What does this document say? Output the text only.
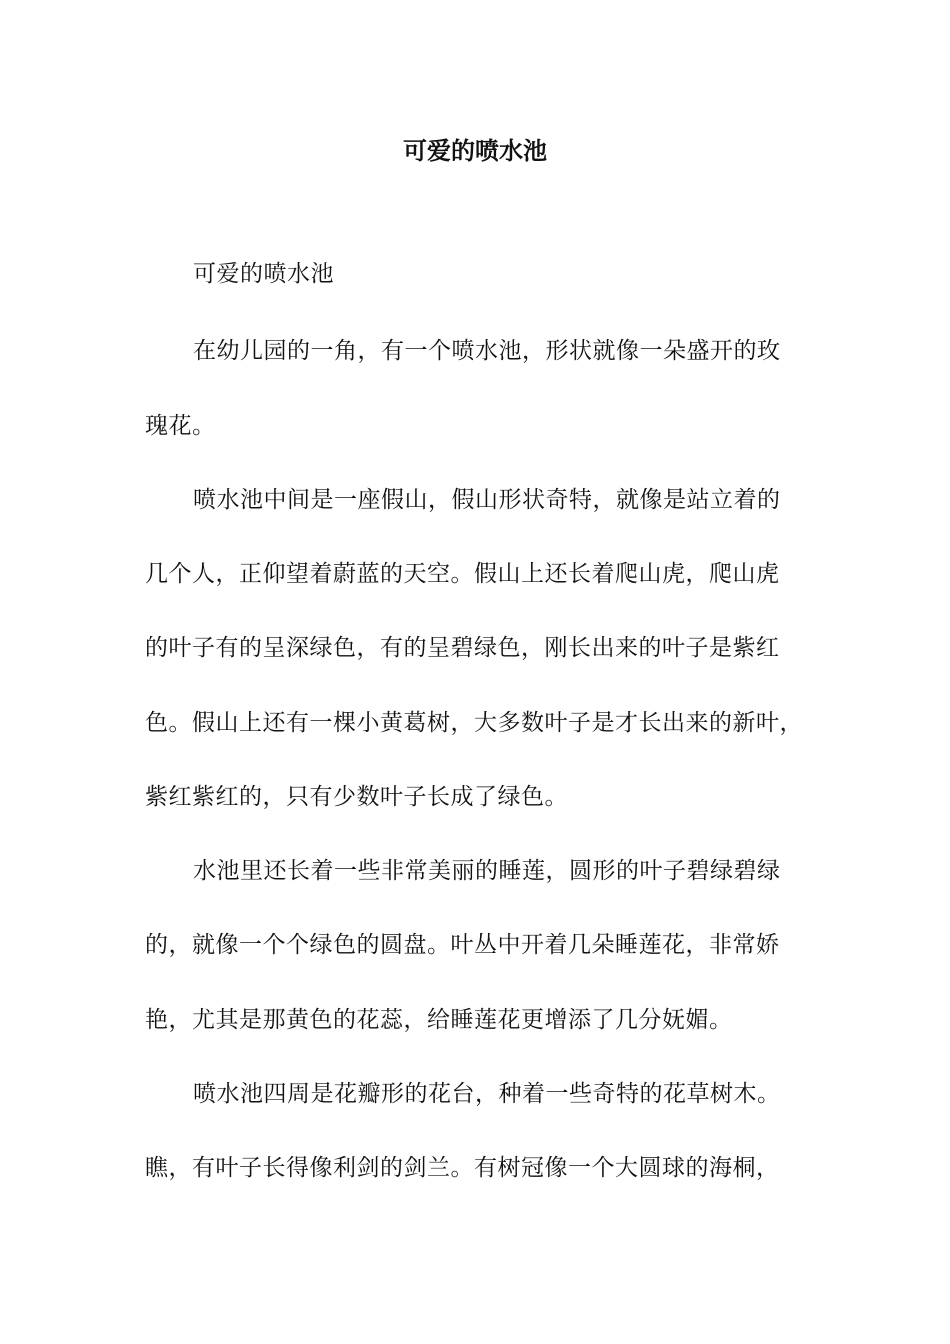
可爱的喷水池
可爱的喷水池
在幼儿园的一角，有一个喷水池，形状就像一朵盛开的玫
瑰花。
喷水池中间是一座假山，假山形状奇特，就像是站立着的
几个人，正仰望着蔚蓝的天空。假山上还长着爬山虎，爬山虎
的叶子有的呈深绿色，有的呈碧绿色，刚长出来的叶子是紫红
色。假山上还有一棵小黄葛树，大多数叶子是才长出来的新叶，
紫红紫红的，只有少数叶子长成了绿色。
水池里还长着一些非常美丽的睡莲，圆形的叶子碧绿碧绿
的，就像一个个绿色的圆盘。叶丛中开着几朵睡莲花，非常娇
艳，尤其是那黄色的花蕊，给睡莲花更增添了几分妩媚。
喷水池四周是花瓣形的花台，种着一些奇特的花草树木。
瞧，有叶子长得像利剑的剑兰。有树冠像一个大圆球的海桐，
